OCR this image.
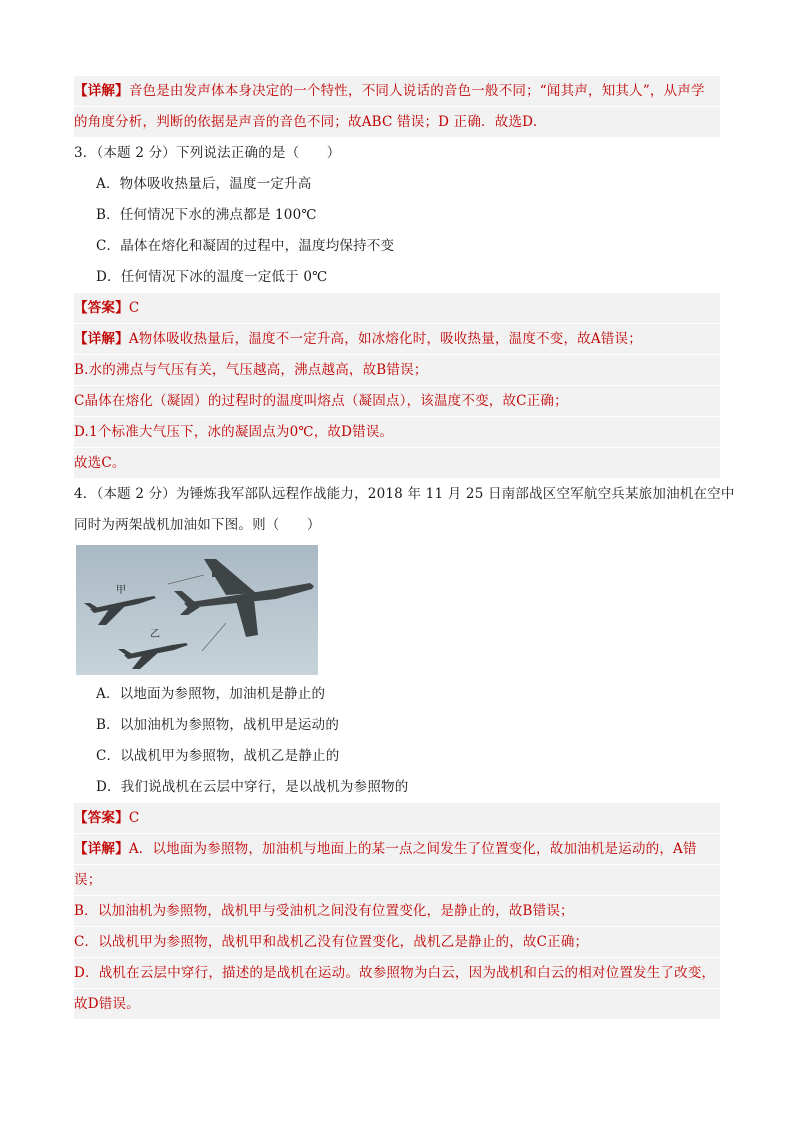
【详解】音色是由发声体本身决定的一个特性，不同人说话的音色一般不同；“闻其声，知其人”，从声学
的角度分析，判断的依据是声音的音色不同；故ABC 错误；D 正确．故选D.
3．（本题 2 分）下列说法正确的是（　　）
A．物体吸收热量后，温度一定升高
B．任何情况下水的沸点都是 100℃
C．晶体在熔化和凝固的过程中，温度均保持不变
D．任何情况下冰的温度一定低于 0℃
【答案】C
【详解】A物体吸收热量后，温度不一定升高，如冰熔化时，吸收热量，温度不变，故A错误；
B.水的沸点与气压有关，气压越高，沸点越高，故B错误；
C晶体在熔化（凝固）的过程时的温度叫熔点（凝固点），该温度不变，故C正确；
D.1个标准大气压下，冰的凝固点为0℃，故D错误。
故选C。
4．（本题 2 分）为锤炼我军部队远程作战能力，2018 年 11 月 25 日南部战区空军航空兵某旅加油机在空中
同时为两架战机加油如下图。则（　　）
甲
乙
A．以地面为参照物，加油机是静止的
B．以加油机为参照物，战机甲是运动的
C．以战机甲为参照物，战机乙是静止的
D．我们说战机在云层中穿行，是以战机为参照物的
【答案】C
【详解】A．以地面为参照物，加油机与地面上的某一点之间发生了位置变化，故加油机是运动的，A错
误；
B．以加油机为参照物，战机甲与受油机之间没有位置变化，是静止的，故B错误；
C．以战机甲为参照物，战机甲和战机乙没有位置变化，战机乙是静止的，故C正确；
D．战机在云层中穿行，描述的是战机在运动。故参照物为白云，因为战机和白云的相对位置发生了改变，
故D错误。
